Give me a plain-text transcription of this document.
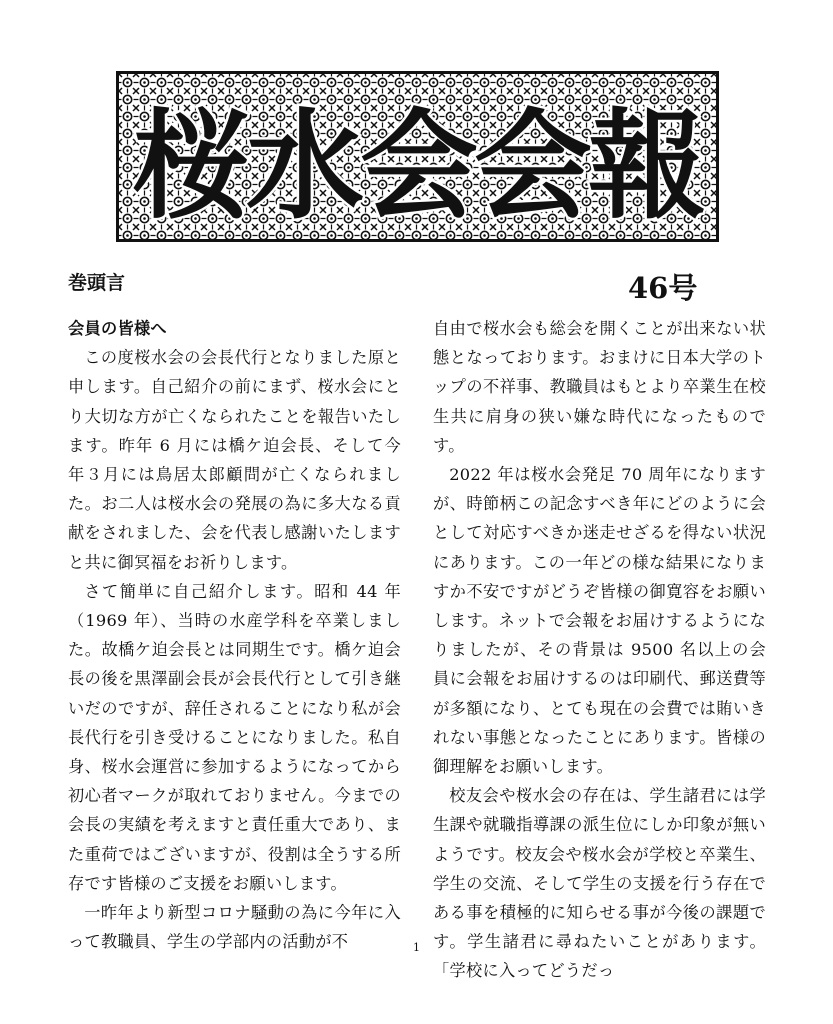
桜水会会報
巻頭言	46号
会員の皆様へ

この度桜水会の会長代行となりました原と申します。自己紹介の前にまず、桜水会にとり大切な方が亡くなられたことを報告いたします。昨年 6 月には橋ケ迫会長、そして今年３月には鳥居太郎顧問が亡くなられました。お二人は桜水会の発展の為に多大なる貢献をされました、会を代表し感謝いたしますと共に御冥福をお祈りします。

さて簡単に自己紹介します。昭和 44 年（1969 年）、当時の水産学科を卒業しました。故橋ケ迫会長とは同期生です。橋ケ迫会長の後を黒澤副会長が会長代行として引き継いだのですが、辞任されることになり私が会長代行を引き受けることになりました。私自身、桜水会運営に参加するようになってから初心者マークが取れておりません。今までの会長の実績を考えますと責任重大であり、また重荷ではございますが、役割は全うする所存です皆様のご支援をお願いします。

一昨年より新型コロナ騒動の為に今年に入って教職員、学生の学部内の活動が不

自由で桜水会も総会を開くことが出来ない状態となっております。おまけに日本大学のトップの不祥事、教職員はもとより卒業生在校生共に肩身の狭い嫌な時代になったものです。

2022 年は桜水会発足 70 周年になりますが、時節柄この記念すべき年にどのように会として対応すべきか迷走せざるを得ない状況にあります。この一年どの様な結果になりますか不安ですがどうぞ皆様の御寛容をお願いします。ネットで会報をお届けするようになりましたが、その背景は 9500 名以上の会員に会報をお届けするのは印刷代、郵送費等が多額になり、とても現在の会費では賄いきれない事態となったことにあります。皆様の御理解をお願いします。

校友会や桜水会の存在は、学生諸君には学生課や就職指導課の派生位にしか印象が無いようです。校友会や桜水会が学校と卒業生、学生の交流、そして学生の支援を行う存在である事を積極的に知らせる事が今後の課題です。学生諸君に尋ねたいことがあります。「学校に入ってどうだっ

1
